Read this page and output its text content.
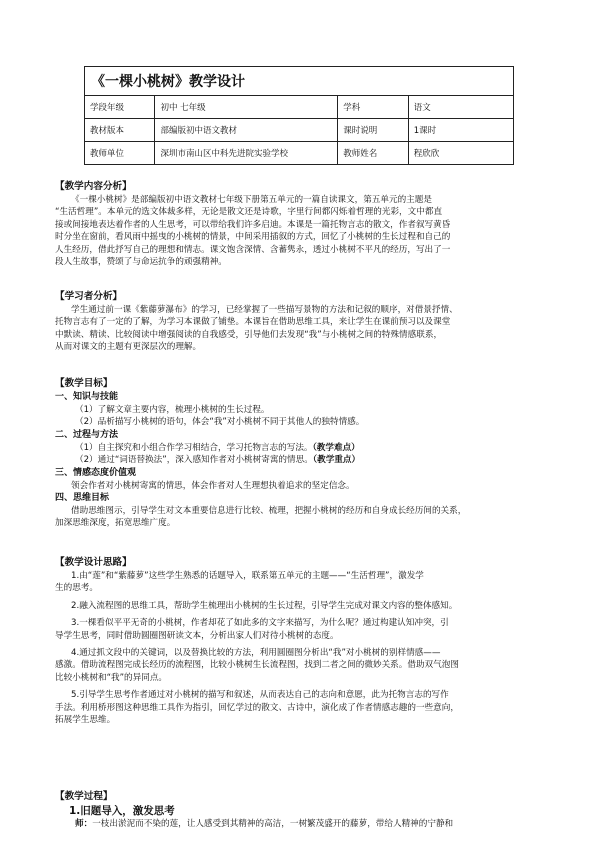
《一棵小桃树》教学设计			
学段年级	初中 七年级	学科	语文
教材版本	部编版初中语文教材	课时说明	1课时
教师单位	深圳市南山区中科先进院实验学校	教师姓名	程欣欣
【教学内容分析】
《一棵小桃树》是部编版初中语文教材七年级下册第五单元的一篇自读课文，第五单元的主题是
“生活哲理”。本单元的选文体裁多样，无论是散文还是诗歌，字里行间都闪烁着哲理的光彩，文中都直
接或间接地表达着作者的人生思考，可以带给我们许多启迪。本课是一篇托物言志的散文，作者叙写黄昏
时分坐在窗前，看风雨中摇曳的小桃树的情景，中间采用插叙的方式，回忆了小桃树的生长过程和自己的
人生经历，借此抒写自己的理想和情志。课文饱含深情、含蓄隽永，透过小桃树不平凡的经历，写出了一
段人生故事，赞颂了与命运抗争的顽强精神。
【学习者分析】
学生通过前一课《紫藤萝瀑布》的学习，已经掌握了一些描写景物的方法和记叙的顺序，对借景抒情、
托物言志有了一定的了解，为学习本课做了铺垫。本课旨在借助思维工具，来让学生在课前预习以及课堂
中默读、精读、比较阅读中增强阅读的自我感受，引导他们去发现“我”与小桃树之间的特殊情感联系，
从而对课文的主题有更深层次的理解。
【教学目标】
一、知识与技能
（1）了解文章主要内容，梳理小桃树的生长过程。
（2）品析描写小桃树的语句，体会“我”对小桃树不同于其他人的独特情感。
二、过程与方法
（1）自主探究和小组合作学习相结合，学习托物言志的写法。（教学难点）
（2）通过“词语替换法”，深入感知作者对小桃树寄寓的情思。（教学重点）
三、情感态度价值观
领会作者对小桃树寄寓的情思，体会作者对人生理想执着追求的坚定信念。
四、思维目标
借助思维图示，引导学生对文本重要信息进行比较、梳理，把握小桃树的经历和自身成长经历间的关系，
加深思维深度，拓宽思维广度。
【教学设计思路】
1.由“莲”和“紫藤萝”这些学生熟悉的话题导入，联系第五单元的主题——“生活哲理”，激发学
生的思考。
2.融入流程图的思维工具，帮助学生梳理出小桃树的生长过程，引导学生完成对课文内容的整体感知。
3.一棵看似平平无奇的小桃树，作者却花了如此多的文字来描写，为什么呢？通过构建认知冲突，引
导学生思考，同时借助圆圈图研读文本，分析出家人们对待小桃树的态度。
4.通过抓文段中的关键词，以及替换比较的方法，利用圆圈图分析出“我”对小桃树的别样情感——
感激。借助流程图完成长经历的流程图，比较小桃树生长流程图，找到二者之间的微妙关系。借助双气泡图
比较小桃树和“我”的异同点。
5.引导学生思考作者通过对小桃树的描写和叙述，从而表达自己的志向和意愿，此为托物言志的写作
手法。利用桥形图这种思维工具作为指引，回忆学过的散文、古诗中，演化成了作者情感志趣的一些意向，
拓展学生思维。
【教学过程】
1.旧题导入，激发思考
师：一枝出淤泥而不染的莲，让人感受到其精神的高洁，一树繁茂盛开的藤萝，带给人精神的宁静和
